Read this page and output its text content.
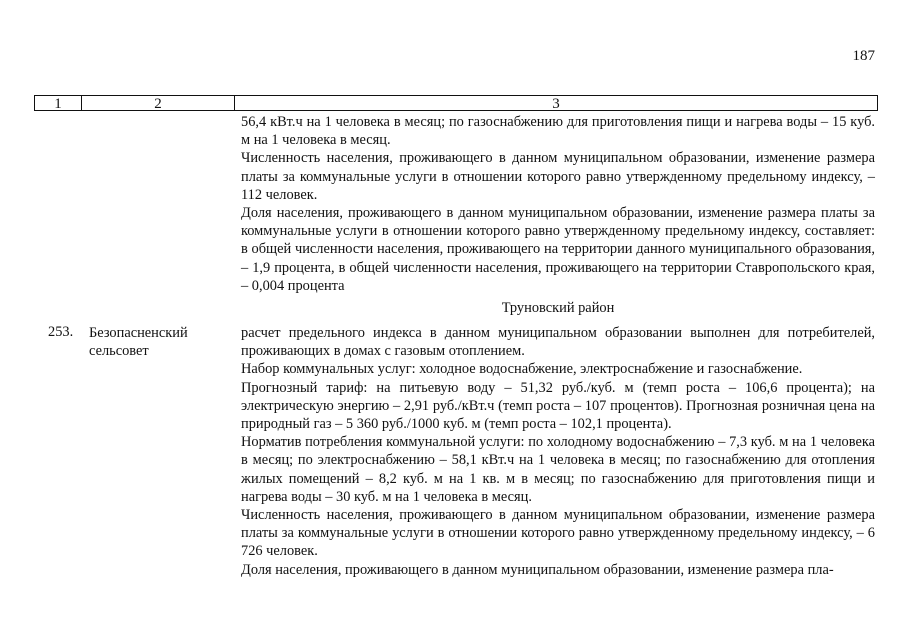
187
1	2	3

56,4 кВт.ч на 1 человека в месяц; по газоснабжению для приготовления пищи и нагрева воды – 15 куб. м на 1 человека в месяц.

Численность населения, проживающего в данном муниципальном образовании, изменение размера платы за коммунальные услуги в отношении которого равно утвержденному предельному индексу, – 112 человек.

Доля населения, проживающего в данном муниципальном образовании, изменение размера платы за коммунальные услуги в отношении которого равно утвержденному предельному индексу, составляет: в общей численности населения, проживающего на территории данного муниципального образования, – 1,9 процента, в общей численности населения, проживающего на территории Ставропольского края, – 0,004 процента

Труновский район
253. Безопасненский сельсовет

расчет предельного индекса в данном муниципальном образовании выполнен для потребителей, проживающих в домах с газовым отоплением.

Набор коммунальных услуг: холодное водоснабжение, электроснабжение и газоснабжение.

Прогнозный тариф: на питьевую воду – 51,32 руб./куб. м (темп роста – 106,6 процента); на электрическую энергию – 2,91 руб./кВт.ч (темп роста – 107 процентов). Прогнозная розничная цена на природный газ – 5 360 руб./1000 куб. м (темп роста – 102,1 процента).

Норматив потребления коммунальной услуги: по холодному водоснабжению – 7,3 куб. м на 1 человека в месяц; по электроснабжению – 58,1 кВт.ч на 1 человека в месяц; по газоснабжению для отопления жилых помещений – 8,2 куб. м на 1 кв. м в месяц; по газоснабжению для приготовления пищи и нагрева воды – 30 куб. м на 1 человека в месяц.

Численность населения, проживающего в данном муниципальном образовании, изменение размера платы за коммунальные услуги в отношении которого равно утвержденному предельному индексу, – 6 726 человек.

Доля населения, проживающего в данном муниципальном образовании, изменение размера пла-
